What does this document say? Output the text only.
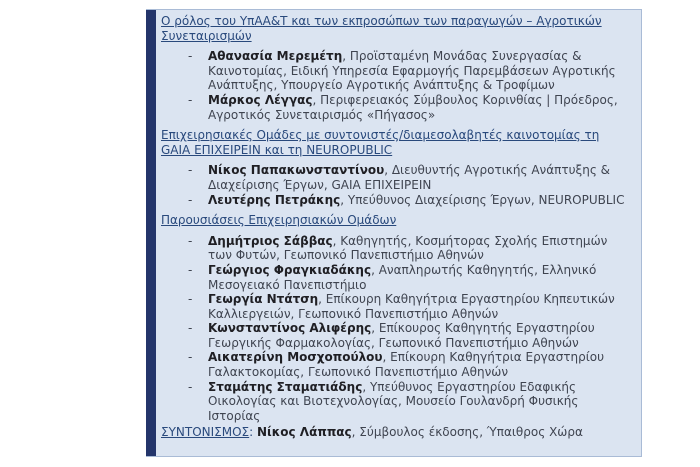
Ο ρόλος του ΥπΑΑ&Τ και των εκπροσώπων των παραγωγών – Αγροτικών Συνεταιρισμών
-	Αθανασία Μερεμέτη, Προϊσταμένη Μονάδας Συνεργασίας & Καινοτομίας, Ειδική Υπηρεσία Εφαρμογής Παρεμβάσεων Αγροτικής Ανάπτυξης, Υπουργείο Αγροτικής Ανάπτυξης & Τροφίμων
-	Μάρκος Λέγγας, Περιφερειακός Σύμβουλος Κορινθίας | Πρόεδρος, Αγροτικός Συνεταιρισμός «Πήγασος»
Επιχειρησιακές Ομάδες με συντονιστές/διαμεσολαβητές καινοτομίας τη GAIA ΕΠΙΧΕΙΡΕΙΝ και τη NEUROPUBLIC
-	Νίκος Παπακωνσταντίνου, Διευθυντής Αγροτικής Ανάπτυξης & Διαχείρισης Έργων, GAIA ΕΠΙΧΕΙΡΕΙΝ
-	Λευτέρης Πετράκης, Υπεύθυνος Διαχείρισης Έργων, NEUROPUBLIC
Παρουσιάσεις Επιχειρησιακών Ομάδων
-	Δημήτριος Σάββας, Καθηγητής, Κοσμήτορας Σχολής Επιστημών των Φυτών, Γεωπονικό Πανεπιστήμιο Αθηνών
-	Γεώργιος Φραγκιαδάκης, Αναπληρωτής Καθηγητής, Ελληνικό Μεσογειακό Πανεπιστήμιο
-	Γεωργία Ντάτση, Επίκουρη Καθηγήτρια Εργαστηρίου Κηπευτικών Καλλιεργειών, Γεωπονικό Πανεπιστήμιο Αθηνών
-	Κωνσταντίνος Αλιφέρης, Επίκουρος Καθηγητής Εργαστηρίου Γεωργικής Φαρμακολογίας, Γεωπονικό Πανεπιστήμιο Αθηνών
-	Αικατερίνη Μοσχοπούλου, Επίκουρη Καθηγήτρια Εργαστηρίου Γαλακτοκομίας, Γεωπονικό Πανεπιστήμιο Αθηνών
-	Σταμάτης Σταματιάδης, Υπεύθυνος Εργαστηρίου Εδαφικής Οικολογίας και Βιοτεχνολογίας, Μουσείο Γουλανδρή Φυσικής Ιστορίας
ΣΥΝΤΟΝΙΣΜΟΣ: Νίκος Λάππας, Σύμβουλος έκδοσης, Ύπαιθρος Χώρα
